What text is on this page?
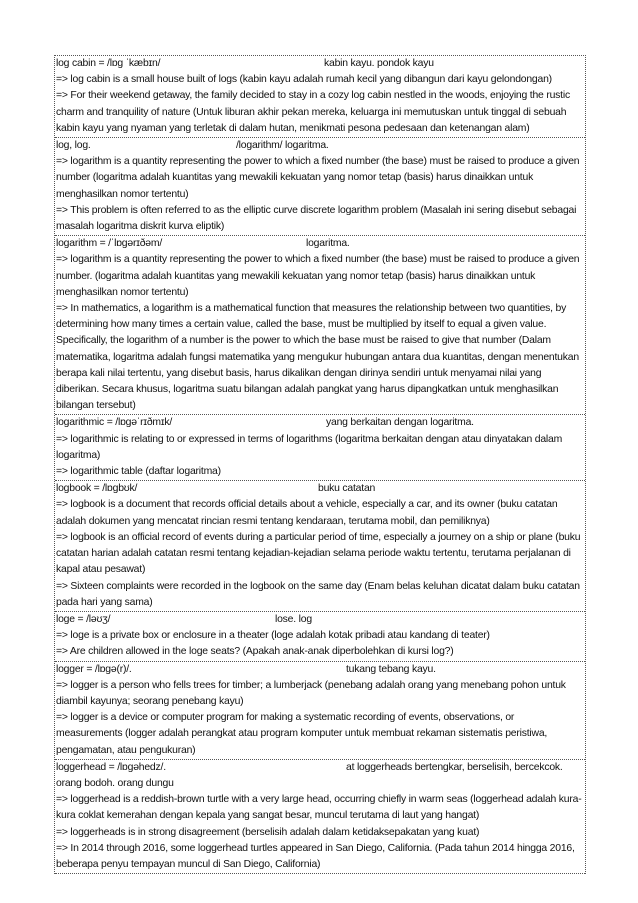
log cabin = /lɒg ˈkæbɪn/	kabin kayu. pondok kayu
=> log cabin is a small house built of logs (kabin kayu adalah rumah kecil yang dibangun dari kayu gelondongan)
=> For their weekend getaway, the family decided to stay in a cozy log cabin nestled in the woods, enjoying the rustic charm and tranquility of nature (Untuk liburan akhir pekan mereka, keluarga ini memutuskan untuk tinggal di sebuah kabin kayu yang nyaman yang terletak di dalam hutan, menikmati pesona pedesaan dan ketenangan alam)
log, log.	/logarithm/ logaritma.
=> logarithm is a quantity representing the power to which a fixed number (the base) must be raised to produce a given number (logaritma adalah kuantitas yang mewakili kekuatan yang nomor tetap (basis) harus dinaikkan untuk menghasilkan nomor tertentu)
=> This problem is often referred to as the elliptic curve discrete logarithm problem (Masalah ini sering disebut sebagai masalah logaritma diskrit kurva eliptik)
logarithm = /ˈlɒgərɪðəm/	logaritma.
=> logarithm is a quantity representing the power to which a fixed number (the base) must be raised to produce a given number. (logaritma adalah kuantitas yang mewakili kekuatan yang nomor tetap (basis) harus dinaikkan untuk menghasilkan nomor tertentu)
=> In mathematics, a logarithm is a mathematical function that measures the relationship between two quantities, by determining how many times a certain value, called the base, must be multiplied by itself to equal a given value. Specifically, the logarithm of a number is the power to which the base must be raised to give that number (Dalam matematika, logaritma adalah fungsi matematika yang mengukur hubungan antara dua kuantitas, dengan menentukan berapa kali nilai tertentu, yang disebut basis, harus dikalikan dengan dirinya sendiri untuk menyamai nilai yang diberikan. Secara khusus, logaritma suatu bilangan adalah pangkat yang harus dipangkatkan untuk menghasilkan bilangan tersebut)
logarithmic = /lɒgəˈrɪðmɪk/	yang berkaitan dengan logaritma.
=> logarithmic is relating to or expressed in terms of logarithms (logaritma berkaitan dengan atau dinyatakan dalam logaritma)
=> logarithmic table (daftar logaritma)
logbook = /lɒgbʊk/	buku catatan
=> logbook is a document that records official details about a vehicle, especially a car, and its owner (buku catatan adalah dokumen yang mencatat rincian resmi tentang kendaraan, terutama mobil, dan pemiliknya)
=> logbook is an official record of events during a particular period of time, especially a journey on a ship or plane (buku catatan harian adalah catatan resmi tentang kejadian-kejadian selama periode waktu tertentu, terutama perjalanan di kapal atau pesawat)
=> Sixteen complaints were recorded in the logbook on the same day (Enam belas keluhan dicatat dalam buku catatan pada hari yang sama)
loge = /ləʊʒ/	lose. log
=> loge is a private box or enclosure in a theater (loge adalah kotak pribadi atau kandang di teater)
=> Are children allowed in the loge seats? (Apakah anak-anak diperbolehkan di kursi log?)
logger = /lɒgə(r)/.	tukang tebang kayu.
=> logger is a person who fells trees for timber; a lumberjack (penebang adalah orang yang menebang pohon untuk diambil kayunya; seorang penebang kayu)
=> logger is a device or computer program for making a systematic recording of events, observations, or measurements (logger adalah perangkat atau program komputer untuk membuat rekaman sistematis peristiwa, pengamatan, atau pengukuran)
loggerhead = /lɒgəhedz/.	at loggerheads bertengkar, berselisih, bercekcok.
orang bodoh. orang dungu
=> loggerhead is a reddish-brown turtle with a very large head, occurring chiefly in warm seas (loggerhead adalah kura-kura coklat kemerahan dengan kepala yang sangat besar, muncul terutama di laut yang hangat)
=> loggerheads is in strong disagreement (berselisih adalah dalam ketidaksepakatan yang kuat)
=> In 2014 through 2016, some loggerhead turtles appeared in San Diego, California. (Pada tahun 2014 hingga 2016, beberapa penyu tempayan muncul di San Diego, California)
